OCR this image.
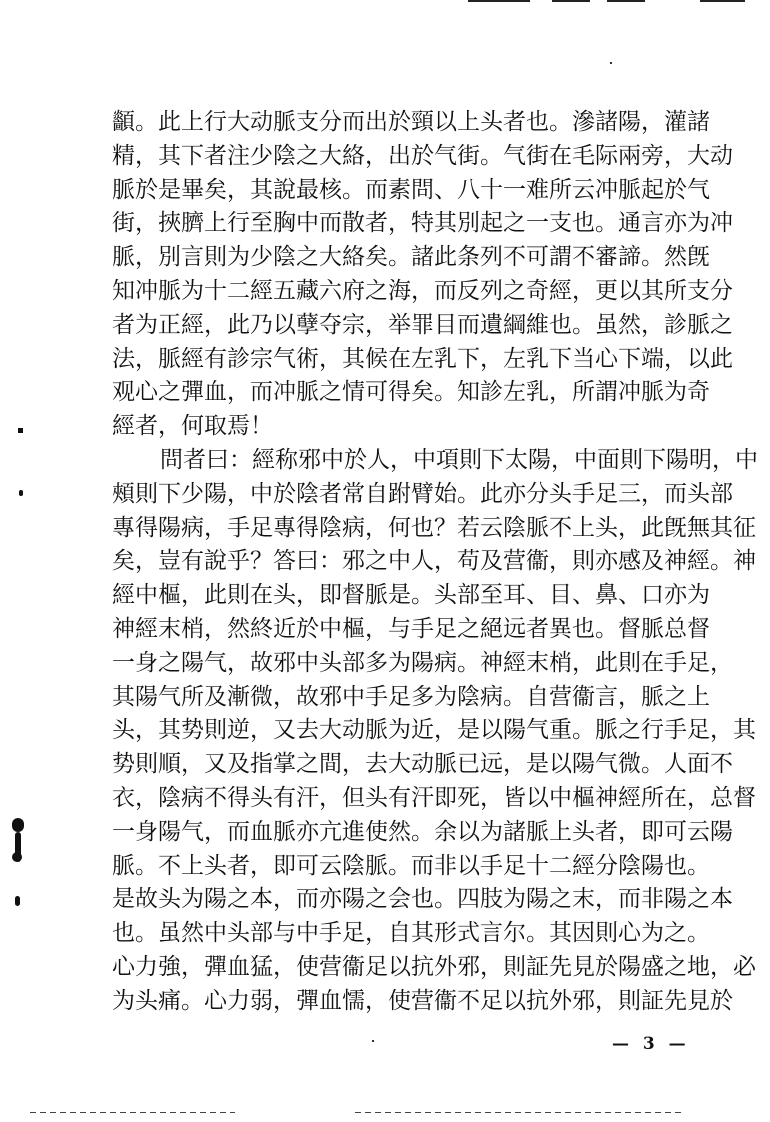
顲。此上行大动脈支分而出於頸以上头者也。滲諸陽，灌諸
精，其下者注少陰之大絡，出於气街。气街在毛际兩旁，大动
脈於是畢矣，其說最核。而素問、八十一难所云冲脈起於气
街，挾臍上行至胸中而散者，特其別起之一支也。通言亦为冲
脈，別言則为少陰之大絡矣。諸此条列不可謂不審諦。然旣
知冲脈为十二經五藏六府之海，而反列之奇經，更以其所支分
者为正經，此乃以孽夺宗，举罪目而遺綱維也。虽然，診脈之
法，脈經有診宗气術，其候在左乳下，左乳下当心下端，以此
观心之彈血，而冲脈之情可得矣。知診左乳，所謂冲脈为奇
經者，何取焉！
問者曰：經称邪中於人，中項則下太陽，中面則下陽明，中
頰則下少陽，中於陰者常自跗臂始。此亦分头手足三，而头部
專得陽病，手足專得陰病，何也？若云陰脈不上头，此旣無其征
矣，豈有說乎？答曰：邪之中人，苟及营衞，則亦感及神經。神
經中樞，此則在头，即督脈是。头部至耳、目、鼻、口亦为
神經末梢，然終近於中樞，与手足之絕远者異也。督脈总督
一身之陽气，故邪中头部多为陽病。神經末梢，此則在手足，
其陽气所及漸微，故邪中手足多为陰病。自营衞言，脈之上
头，其势則逆，又去大动脈为近，是以陽气重。脈之行手足，其
势則順，又及指掌之間，去大动脈已远，是以陽气微。人面不
衣，陰病不得头有汗，但头有汗即死，皆以中樞神經所在，总督
一身陽气，而血脈亦亢進使然。余以为諸脈上头者，即可云陽
脈。不上头者，即可云陰脈。而非以手足十二經分陰陽也。
是故头为陽之本，而亦陽之会也。四肢为陽之末，而非陽之本
也。虽然中头部与中手足，自其形式言尔。其因則心为之。
心力強，彈血猛，使营衞足以抗外邪，則証先見於陽盛之地，必
为头痛。心力弱，彈血懦，使营衞不足以抗外邪，則証先見於
— 3 —
